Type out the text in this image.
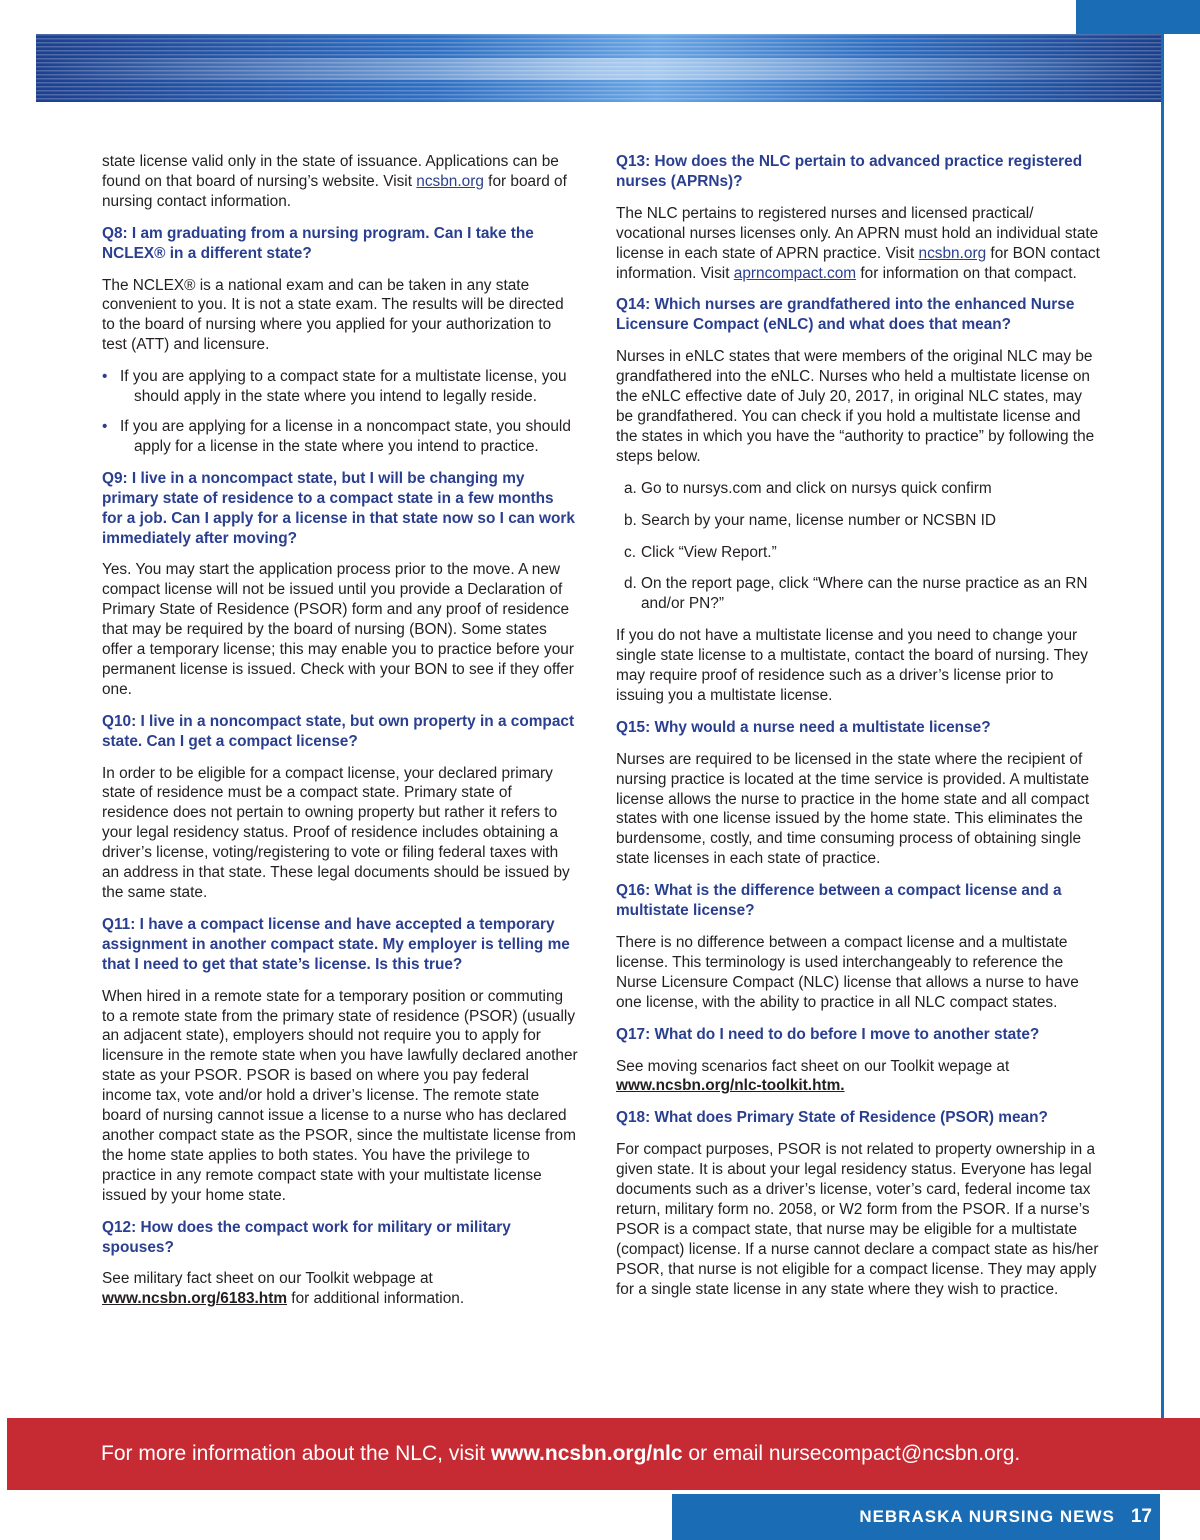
state license valid only in the state of issuance. Applications can be found on that board of nursing’s website. Visit ncsbn.org for board of nursing contact information.

Q8: I am graduating from a nursing program. Can I take the NCLEX® in a different state?

The NCLEX® is a national exam and can be taken in any state convenient to you. It is not a state exam. The results will be directed to the board of nursing where you applied for your authorization to test (ATT) and licensure.

• If you are applying to a compact state for a multistate license, you should apply in the state where you intend to legally reside.
• If you are applying for a license in a noncompact state, you should apply for a license in the state where you intend to practice.
Q9: I live in a noncompact state, but I will be changing my primary state of residence to a compact state in a few months for a job. Can I apply for a license in that state now so I can work immediately after moving?

Yes. You may start the application process prior to the move. A new compact license will not be issued until you provide a Declaration of Primary State of Residence (PSOR) form and any proof of residence that may be required by the board of nursing (BON). Some states offer a temporary license; this may enable you to practice before your permanent license is issued. Check with your BON to see if they offer one.

Q10: I live in a noncompact state, but own property in a compact state. Can I get a compact license?

In order to be eligible for a compact license, your declared primary state of residence must be a compact state. Primary state of residence does not pertain to owning property but rather it refers to your legal residency status. Proof of residence includes obtaining a driver’s license, voting/registering to vote or filing federal taxes with an address in that state. These legal documents should be issued by the same state.

Q11: I have a compact license and have accepted a temporary assignment in another compact state. My employer is telling me that I need to get that state’s license. Is this true?

When hired in a remote state for a temporary position or commuting to a remote state from the primary state of residence (PSOR) (usually an adjacent state), employers should not require you to apply for licensure in the remote state when you have lawfully declared another state as your PSOR. PSOR is based on where you pay federal income tax, vote and/or hold a driver’s license. The remote state board of nursing cannot issue a license to a nurse who has declared another compact state as the PSOR, since the multistate license from the home state applies to both states. You have the privilege to practice in any remote compact state with your multistate license issued by your home state.

Q12: How does the compact work for military or military spouses?

See military fact sheet on our Toolkit webpage at www.ncsbn.org/6183.htm for additional information.

Q13: How does the NLC pertain to advanced practice registered nurses (APRNs)?

The NLC pertains to registered nurses and licensed practical/ vocational nurses licenses only. An APRN must hold an individual state license in each state of APRN practice. Visit ncsbn.org for BON contact information. Visit aprncompact.com for information on that compact.

Q14: Which nurses are grandfathered into the enhanced Nurse Licensure Compact (eNLC) and what does that mean?

Nurses in eNLC states that were members of the original NLC may be grandfathered into the eNLC. Nurses who held a multistate license on the eNLC effective date of July 20, 2017, in original NLC states, may be grandfathered. You can check if you hold a multistate license and the states in which you have the “authority to practice” by following the steps below.

a. Go to nursys.com and click on nursys quick confirm
b. Search by your name, license number or NCSBN ID
c. Click “View Report.”
d. On the report page, click “Where can the nurse practice as an RN and/or PN?”

If you do not have a multistate license and you need to change your single state license to a multistate, contact the board of nursing. They may require proof of residence such as a driver’s license prior to issuing you a multistate license.

Q15: Why would a nurse need a multistate license?

Nurses are required to be licensed in the state where the recipient of nursing practice is located at the time service is provided. A multistate license allows the nurse to practice in the home state and all compact states with one license issued by the home state. This eliminates the burdensome, costly, and time consuming process of obtaining single state licenses in each state of practice.

Q16: What is the difference between a compact license and a multistate license?

There is no difference between a compact license and a multistate license. This terminology is used interchangeably to reference the Nurse Licensure Compact (NLC) license that allows a nurse to have one license, with the ability to practice in all NLC compact states.

Q17: What do I need to do before I move to another state?

See moving scenarios fact sheet on our Toolkit wepage at
www.ncsbn.org/nlc-toolkit.htm.

Q18: What does Primary State of Residence (PSOR) mean?

For compact purposes, PSOR is not related to property ownership in a given state. It is about your legal residency status. Everyone has legal documents such as a driver’s license, voter’s card, federal income tax return, military form no. 2058, or W2 form from the PSOR. If a nurse’s PSOR is a compact state, that nurse may be eligible for a multistate (compact) license. If a nurse cannot declare a compact state as his/her PSOR, that nurse is not eligible for a compact license. They may apply for a single state license in any state where they wish to practice.

For more information about the NLC, visit www.ncsbn.org/nlc or email nursecompact@ncsbn.org.
NEBRASKA NURSING NEWS 17
